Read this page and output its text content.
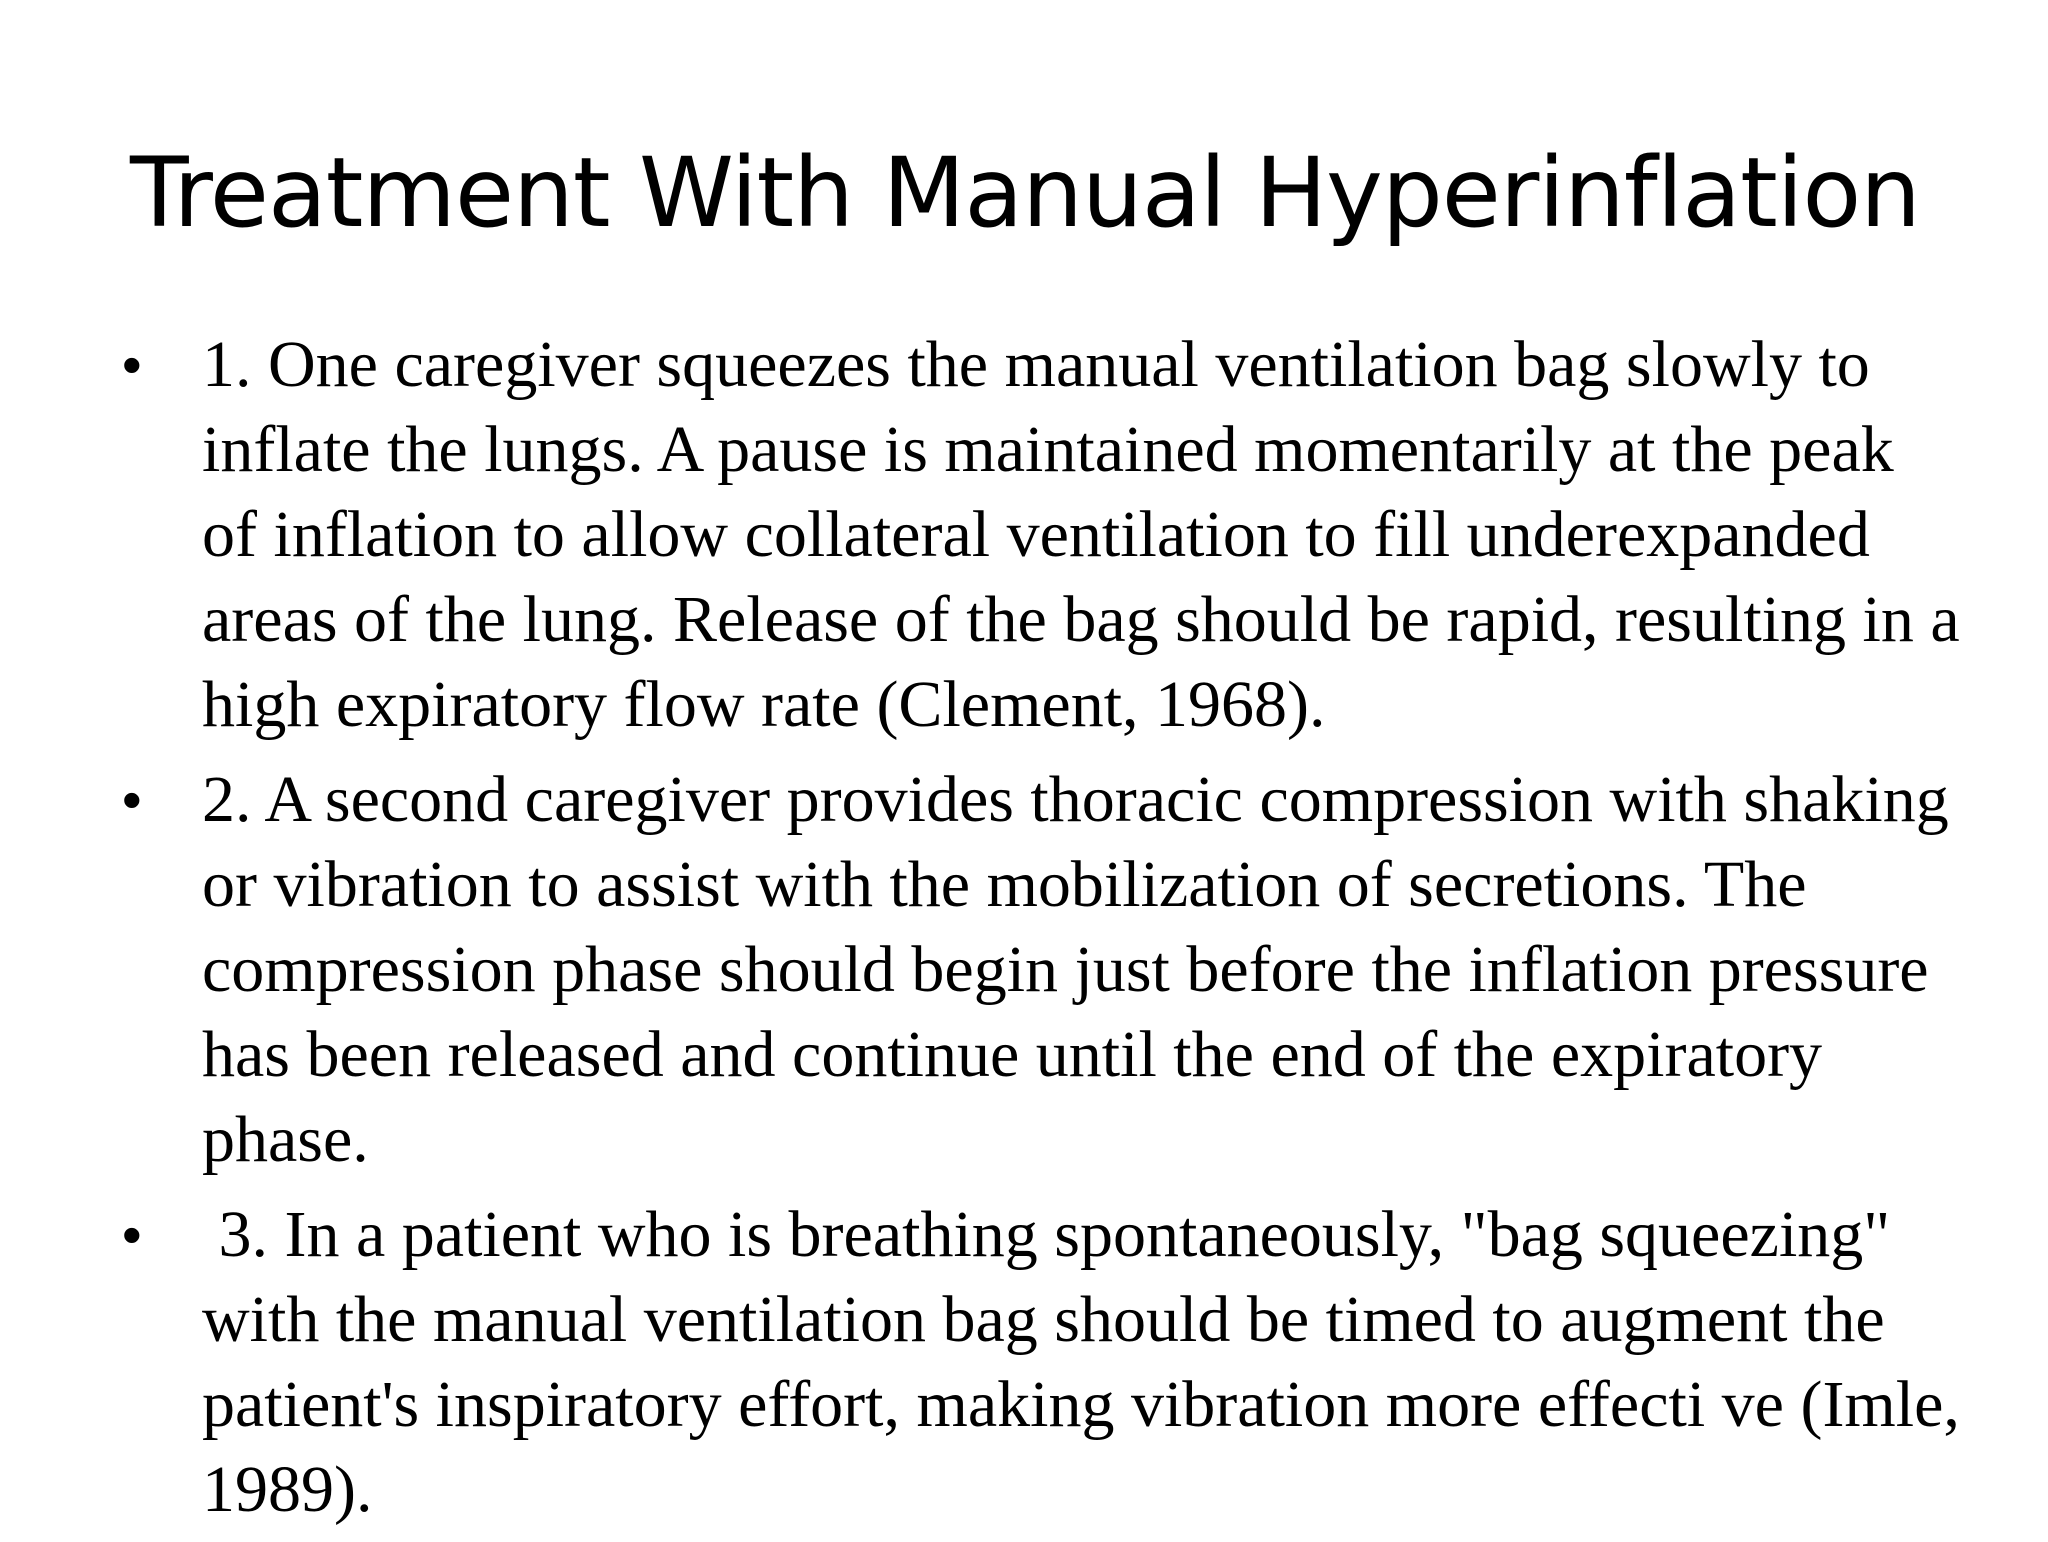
Treatment With Manual Hyperinflation
• 1. One caregiver squeezes the manual ventilation bag slowly to inflate the lungs. A pause is maintained momentarily at the peak of inflation to allow collateral ventilation to fill underexpanded areas of the lung. Release of the bag should be rapid, resulting in a high expiratory flow rate (Clement, 1968).
• 2. A second caregiver provides thoracic compression with shaking or vibration to assist with the mobilization of secretions. The compression phase should begin just before the inflation pressure has been released and continue until the end of the expiratory phase.
• 3. In a patient who is breathing spontaneously, "bag squeezing" with the manual ventilation bag should be timed to augment the patient's inspiratory effort, making vibration more effecti ve (Imle, 1989).
